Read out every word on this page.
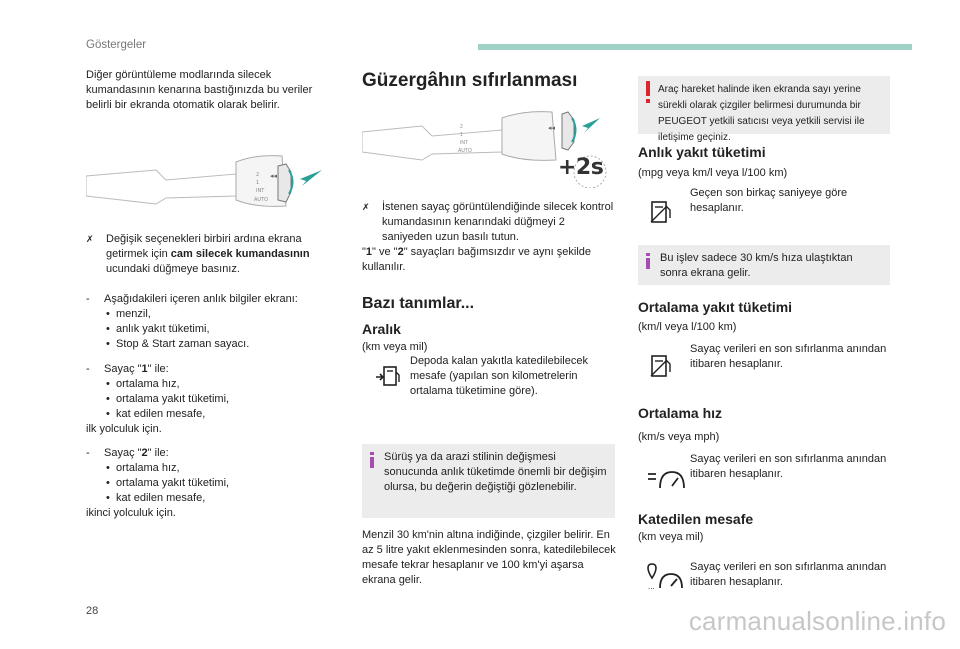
Göstergeler

Diğer görüntüleme modlarında silecek kumandasının kenarına bastığınızda bu veriler belirli bir ekranda otomatik olarak belirir.

2
1
INT
AUTO
◂◂
✗ Değişik seçenekleri birbiri ardına ekrana getirmek için cam silecek kumandasının ucundaki düğmeye basınız.
- Aşağıdakileri içeren anlık bilgiler ekranı:
• menzil,
• anlık yakıt tüketimi,
• Stop & Start zaman sayacı.
- Sayaç "1" ile:
• ortalama hız,
• ortalama yakıt tüketimi,
• kat edilen mesafe,
ilk yolculuk için.
- Sayaç "2" ile:
• ortalama hız,
• ortalama yakıt tüketimi,
• kat edilen mesafe,
ikinci yolculuk için.
Güzergâhın sıfırlanması
2
1
INT
AUTO
◂◂
+2s
✗ İstenen sayaç görüntülendiğinde silecek kontrol kumandasının kenarındaki düğmeyi 2 saniyeden uzun basılı tutun.
"1" ve "2" sayaçları bağımsızdır ve aynı şekilde kullanılır.
Bazı tanımlar...
Aralık
(km veya mil)
Depoda kalan yakıtla katedilebilecek mesafe (yapılan son kilometrelerin ortalama tüketimine göre).
Sürüş ya da arazi stilinin değişmesi sonucunda anlık tüketimde önemli bir değişim olursa, bu değerin değiştiği gözlenebilir.
Menzil 30 km'nin altına indiğinde, çizgiler belirir. En az 5 litre yakıt eklenmesinden sonra, katedilebilecek mesafe tekrar hesaplanır ve 100 km'yi aşarsa ekrana gelir.
Araç hareket halinde iken ekranda sayı yerine sürekli olarak çizgiler belirmesi durumunda bir PEUGEOT yetkili satıcısı veya yetkili servisi ile iletişime geçiniz.
Anlık yakıt tüketimi
(mpg veya km/l veya l/100 km)
Geçen son birkaç saniyeye göre hesaplanır.
Bu işlev sadece 30 km/s hıza ulaştıktan sonra ekrana gelir.
Ortalama yakıt tüketimi
(km/l veya l/100 km)
Sayaç verileri en son sıfırlanma anından itibaren hesaplanır.
Ortalama hız
(km/s veya mph)
Sayaç verileri en son sıfırlanma anından itibaren hesaplanır.
Katedilen mesafe
(km veya mil)
...
Sayaç verileri en son sıfırlanma anından itibaren hesaplanır.
28	carmanualsonline.info
